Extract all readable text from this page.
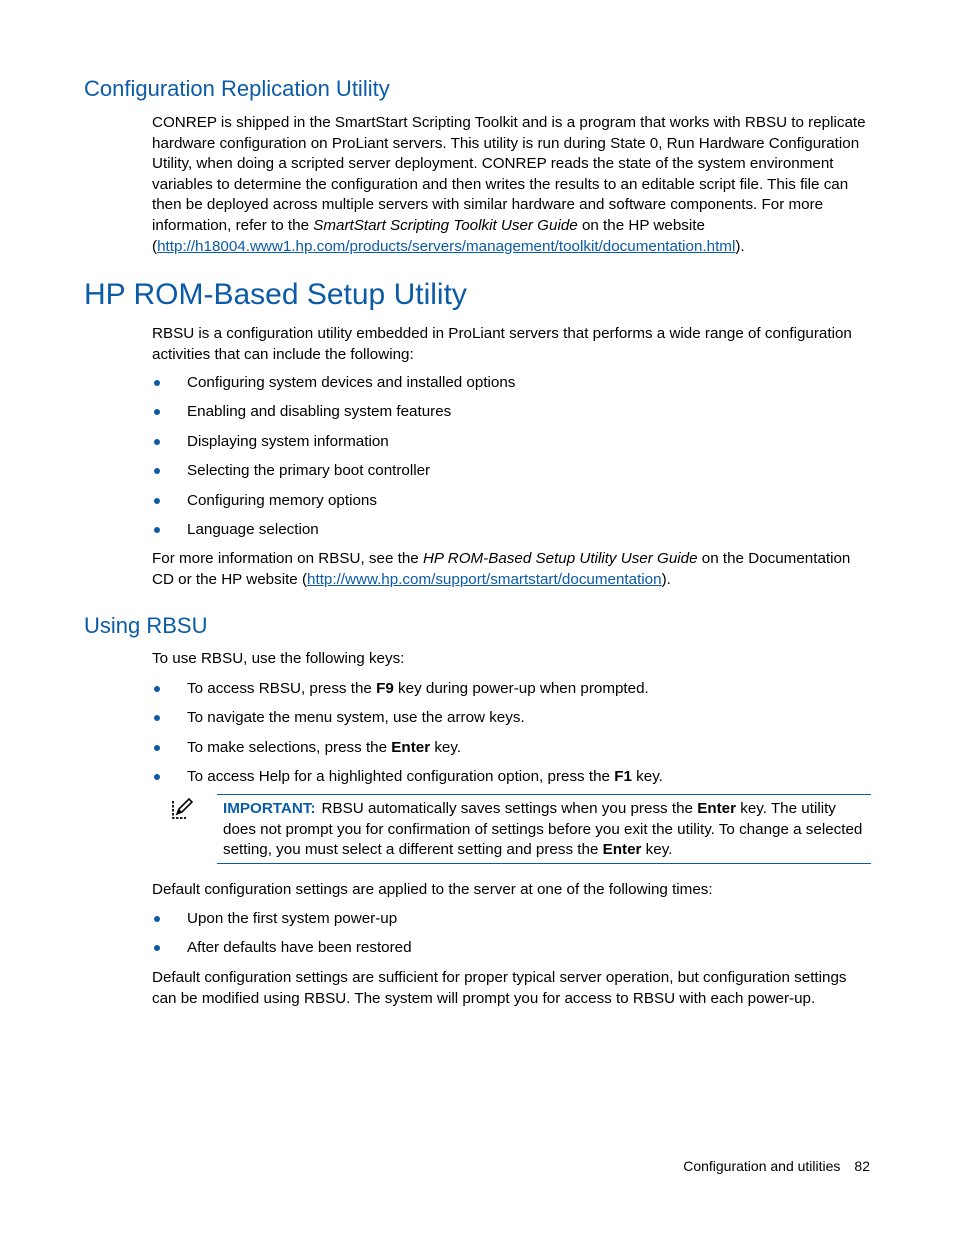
Configuration Replication Utility

CONREP is shipped in the SmartStart Scripting Toolkit and is a program that works with RBSU to replicate hardware configuration on ProLiant servers. This utility is run during State 0, Run Hardware Configuration Utility, when doing a scripted server deployment. CONREP reads the state of the system environment variables to determine the configuration and then writes the results to an editable script file. This file can then be deployed across multiple servers with similar hardware and software components. For more information, refer to the SmartStart Scripting Toolkit User Guide on the HP website (http://h18004.www1.hp.com/products/servers/management/toolkit/documentation.html).

HP ROM-Based Setup Utility

RBSU is a configuration utility embedded in ProLiant servers that performs a wide range of configuration activities that can include the following:

Configuring system devices and installed options
Enabling and disabling system features
Displaying system information
Selecting the primary boot controller
Configuring memory options
Language selection

For more information on RBSU, see the HP ROM-Based Setup Utility User Guide on the Documentation CD or the HP website (http://www.hp.com/support/smartstart/documentation).

Using RBSU

To use RBSU, use the following keys:

To access RBSU, press the F9 key during power-up when prompted.
To navigate the menu system, use the arrow keys.
To make selections, press the Enter key.
To access Help for a highlighted configuration option, press the F1 key.
IMPORTANT: RBSU automatically saves settings when you press the Enter key. The utility does not prompt you for confirmation of settings before you exit the utility. To change a selected setting, you must select a different setting and press the Enter key.

Default configuration settings are applied to the server at one of the following times:

Upon the first system power-up
After defaults have been restored

Default configuration settings are sufficient for proper typical server operation, but configuration settings can be modified using RBSU. The system will prompt you for access to RBSU with each power-up.

Configuration and utilities 82
